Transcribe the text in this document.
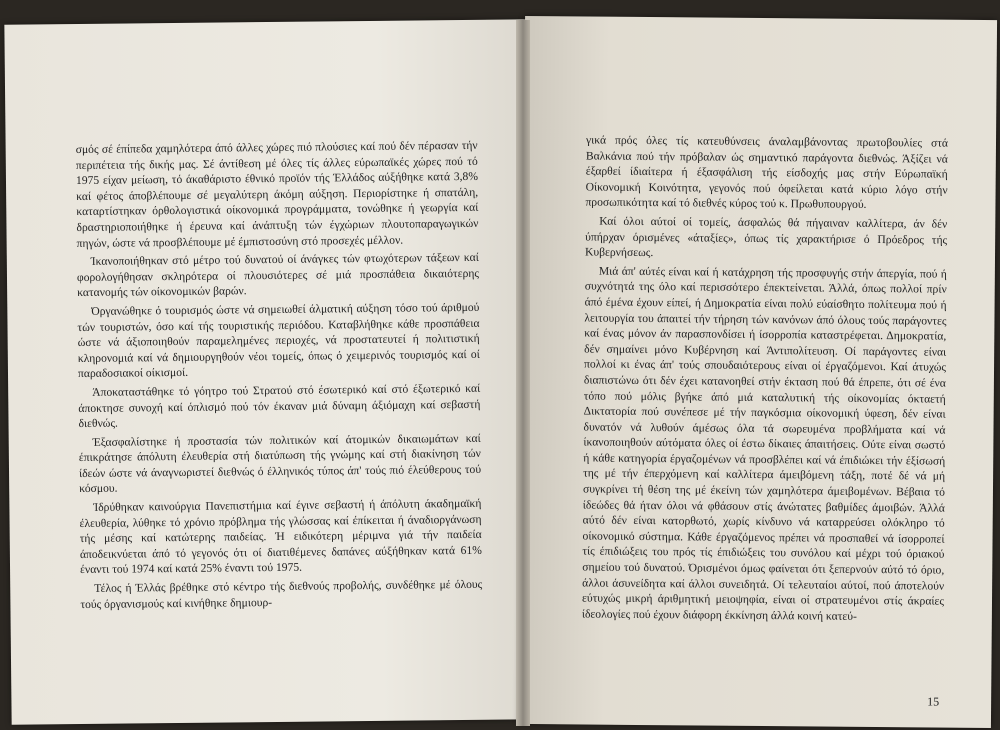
σμός σέ έπίπεδα χαμηλότερα άπό άλλες χώρες πιό πλούσιες καί πού δέν πέρασαν τήν περιπέτεια τής δικής μας. Σέ άντίθεση μέ όλες τίς άλλες εύρωπαϊκές χώρες πού τό 1975 είχαν μείωση, τό άκαθάριστο έθνικό προϊόν τής Έλλάδος αύξήθηκε κατά 3,8% καί φέτος άποβλέπουμε σέ μεγαλύτερη άκόμη αύξηση. Περιορίστηκε ή σπατάλη, καταρτίστηκαν όρθολογιστικά οίκονομικά προγράμματα, τονώθηκε ή γεωργία καί δραστηριοποιήθηκε ή έρευνα καί άνάπτυξη τών έγχώριων πλουτοπαραγωγικών πηγών, ώστε νά προσβλέπουμε μέ έμπιστοσύνη στό προσεχές μέλλον.

Ίκανοποιήθηκαν στό μέτρο τού δυνατού οί άνάγκες τών φτωχότερων τάξεων καί φορολογήθησαν σκληρότερα οί πλουσιότερες σέ μιά προσπάθεια δικαιότερης κατανομής τών οίκονομικών βαρών.

Όργανώθηκε ό τουρισμός ώστε νά σημειωθεί άλματική αύξηση τόσο τού άριθμού τών τουριστών, όσο καί τής τουριστικής περιόδου. Καταβλήθηκε κάθε προσπάθεια ώστε νά άξιοποιηθούν παραμελημένες περιοχές, νά προστατευτεί ή πολιτιστική κληρονομιά καί νά δημιουργηθούν νέοι τομείς, όπως ό χειμερινός τουρισμός καί οί παραδοσιακοί οίκισμοί.

Άποκαταστάθηκε τό γόητρο τού Στρατού στό έσωτερικό καί στό έξωτερικό καί άποκτησε συνοχή καί όπλισμό πού τόν έκαναν μιά δύναμη άξιόμαχη καί σεβαστή διεθνώς.

Έξασφαλίστηκε ή προστασία τών πολιτικών καί άτομικών δικαιωμάτων καί έπικράτησε άπόλυτη έλευθερία στή διατύπωση τής γνώμης καί στή διακίνηση τών ίδεών ώστε νά άναγνωριστεί διεθνώς ό έλληνικός τύπος άπ' τούς πιό έλεύθερους τού κόσμου.

Ίδρύθηκαν καινούργια Πανεπιστήμια καί έγινε σεβαστή ή άπόλυτη άκαδημαϊκή έλευθερία, λύθηκε τό χρόνιο πρόβλημα τής γλώσσας καί έπίκειται ή άναδιοργάνωση τής μέσης καί κατώτερης παιδείας. Ή ειδικότερη μέριμνα γιά τήν παιδεία άποδεικνύεται άπό τό γεγονός ότι οί διατιθέμενες δαπάνες αύξήθηκαν κατά 61% έναντι τού 1974 καί κατά 25% έναντι τού 1975.

Τέλος ή Έλλάς βρέθηκε στό κέντρο τής διεθνούς προβολής, συνδέθηκε μέ όλους τούς όργανισμούς καί κινήθηκε δημιουρ-

γικά πρός όλες τίς κατευθύνσεις άναλαμβάνοντας πρωτοβουλίες στά Βαλκάνια πού τήν πρόβαλαν ώς σημαντικό παράγοντα διεθνώς. Άξίζει νά έξαρθεί ίδιαίτερα ή έξασφάλιση τής είσδοχής μας στήν Εύρωπαϊκή Οίκονομική Κοινότητα, γεγονός πού όφείλεται κατά κύριο λόγο στήν προσωπικότητα καί τό διεθνές κύρος τού κ. Πρωθυπουργού.

Καί όλοι αύτοί οί τομείς, άσφαλώς θά πήγαιναν καλλίτερα, άν δέν ύπήρχαν όρισμένες «άταξίες», όπως τίς χαρακτήρισε ό Πρόεδρος τής Κυβερνήσεως.

Μιά άπ' αύτές είναι καί ή κατάχρηση τής προσφυγής στήν άπεργία, πού ή συχνότητά της όλο καί περισσότερο έπεκτείνεται. Άλλά, όπως πολλοί πρίν άπό έμένα έχουν είπεί, ή Δημοκρατία είναι πολύ εύαίσθητο πολίτευμα πού ή λειτουργία του άπαιτεί τήν τήρηση τών κανόνων άπό όλους τούς παράγοντες καί ένας μόνον άν παρασπονδίσει ή ίσορροπία καταστρέφεται. Δημοκρατία, δέν σημαίνει μόνο Κυβέρνηση καί Άντιπολίτευση. Οί παράγοντες είναι πολλοί κι ένας άπ' τούς σπουδαιότερους είναι οί έργαζόμενοι. Καί άτυχώς διαπιστώνω ότι δέν έχει κατανοηθεί στήν έκταση πού θά έπρεπε, ότι σέ ένα τόπο πού μόλις βγήκε άπό μιά καταλυτική τής οίκονομίας όκταετή Δικτατορία πού συνέπεσε μέ τήν παγκόσμια οίκονομική ύφεση, δέν είναι δυνατόν νά λυθούν άμέσως όλα τά σωρευμένα προβλήματα καί νά ίκανοποιηθούν αύτόματα όλες οί έστω δίκαιες άπαιτήσεις. Ούτε είναι σωστό ή κάθε κατηγορία έργαζομένων νά προσβλέπει καί νά έπιδιώκει τήν έξίσωσή της μέ τήν έπερχόμενη καί καλλίτερα άμειβόμενη τάξη, ποτέ δέ νά μή συγκρίνει τή θέση της μέ έκείνη τών χαμηλότερα άμειβομένων. Βέβαια τό ίδεώδες θά ήταν όλοι νά φθάσουν στίς άνώτατες βαθμίδες άμοιβών. Άλλά αύτό δέν είναι κατορθωτό, χωρίς κίνδυνο νά καταρρεύσει ολόκληρο τό οίκονομικό σύστημα. Κάθε έργαζόμενος πρέπει νά προσπαθεί νά ίσορροπεί τίς έπιδιώξεις του πρός τίς έπιδιώξεις του συνόλου καί μέχρι τού όριακού σημείου τού δυνατού. Όρισμένοι όμως φαίνεται ότι ξεπερνούν αύτό τό όριο, άλλοι άσυνείδητα καί άλλοι συνειδητά. Οί τελευταίοι αύτοί, πού άποτελούν εύτυχώς μικρή άριθμητική μειοψηφία, είναι οί στρατευμένοι στίς άκραίες ίδεολογίες πού έχουν διάφορη έκκίνηση άλλά κοινή κατεύ-

15
